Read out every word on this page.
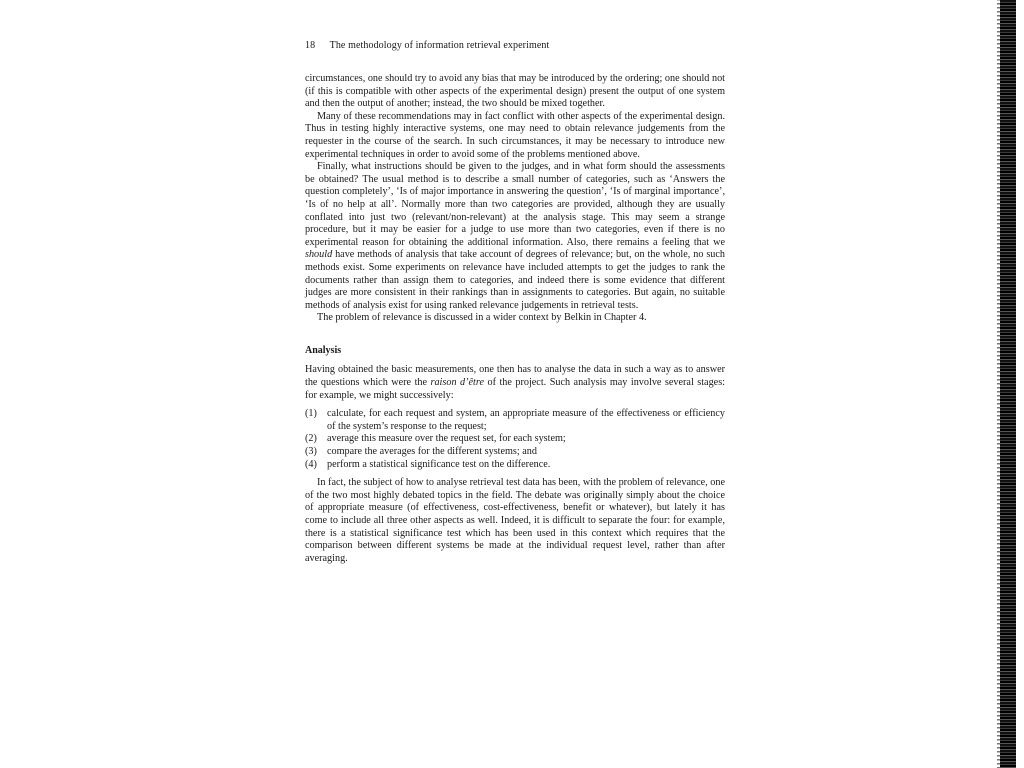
18 The methodology of information retrieval experiment

circumstances, one should try to avoid any bias that may be introduced by the ordering; one should not (if this is compatible with other aspects of the experimental design) present the output of one system and then the output of another; instead, the two should be mixed together.

Many of these recommendations may in fact conflict with other aspects of the experimental design. Thus in testing highly interactive systems, one may need to obtain relevance judgements from the requester in the course of the search. In such circumstances, it may be necessary to introduce new experimental techniques in order to avoid some of the problems mentioned above.

Finally, what instructions should be given to the judges, and in what form should the assessments be obtained? The usual method is to describe a small number of categories, such as ‘Answers the question completely’, ‘Is of major importance in answering the question’, ‘Is of marginal importance’, ‘Is of no help at all’. Normally more than two categories are provided, although they are usually conflated into just two (relevant/non-relevant) at the analysis stage. This may seem a strange procedure, but it may be easier for a judge to use more than two categories, even if there is no experimental reason for obtaining the additional information. Also, there remains a feeling that we should have methods of analysis that take account of degrees of relevance; but, on the whole, no such methods exist. Some experiments on relevance have included attempts to get the judges to rank the documents rather than assign them to categories, and indeed there is some evidence that different judges are more consistent in their rankings than in assignments to categories. But again, no suitable methods of analysis exist for using ranked relevance judgements in retrieval tests.

The problem of relevance is discussed in a wider context by Belkin in Chapter 4.

Analysis

Having obtained the basic measurements, one then has to analyse the data in such a way as to answer the questions which were the raison d’être of the project. Such analysis may involve several stages: for example, we might successively:

(1) calculate, for each request and system, an appropriate measure of the effectiveness or efficiency of the system’s response to the request;
(2) average this measure over the request set, for each system;
(3) compare the averages for the different systems; and
(4) perform a statistical significance test on the difference.

In fact, the subject of how to analyse retrieval test data has been, with the problem of relevance, one of the two most highly debated topics in the field. The debate was originally simply about the choice of appropriate measure (of effectiveness, cost-effectiveness, benefit or whatever), but lately it has come to include all three other aspects as well. Indeed, it is difficult to separate the four: for example, there is a statistical significance test which has been used in this context which requires that the comparison between different systems be made at the individual request level, rather than after averaging.
